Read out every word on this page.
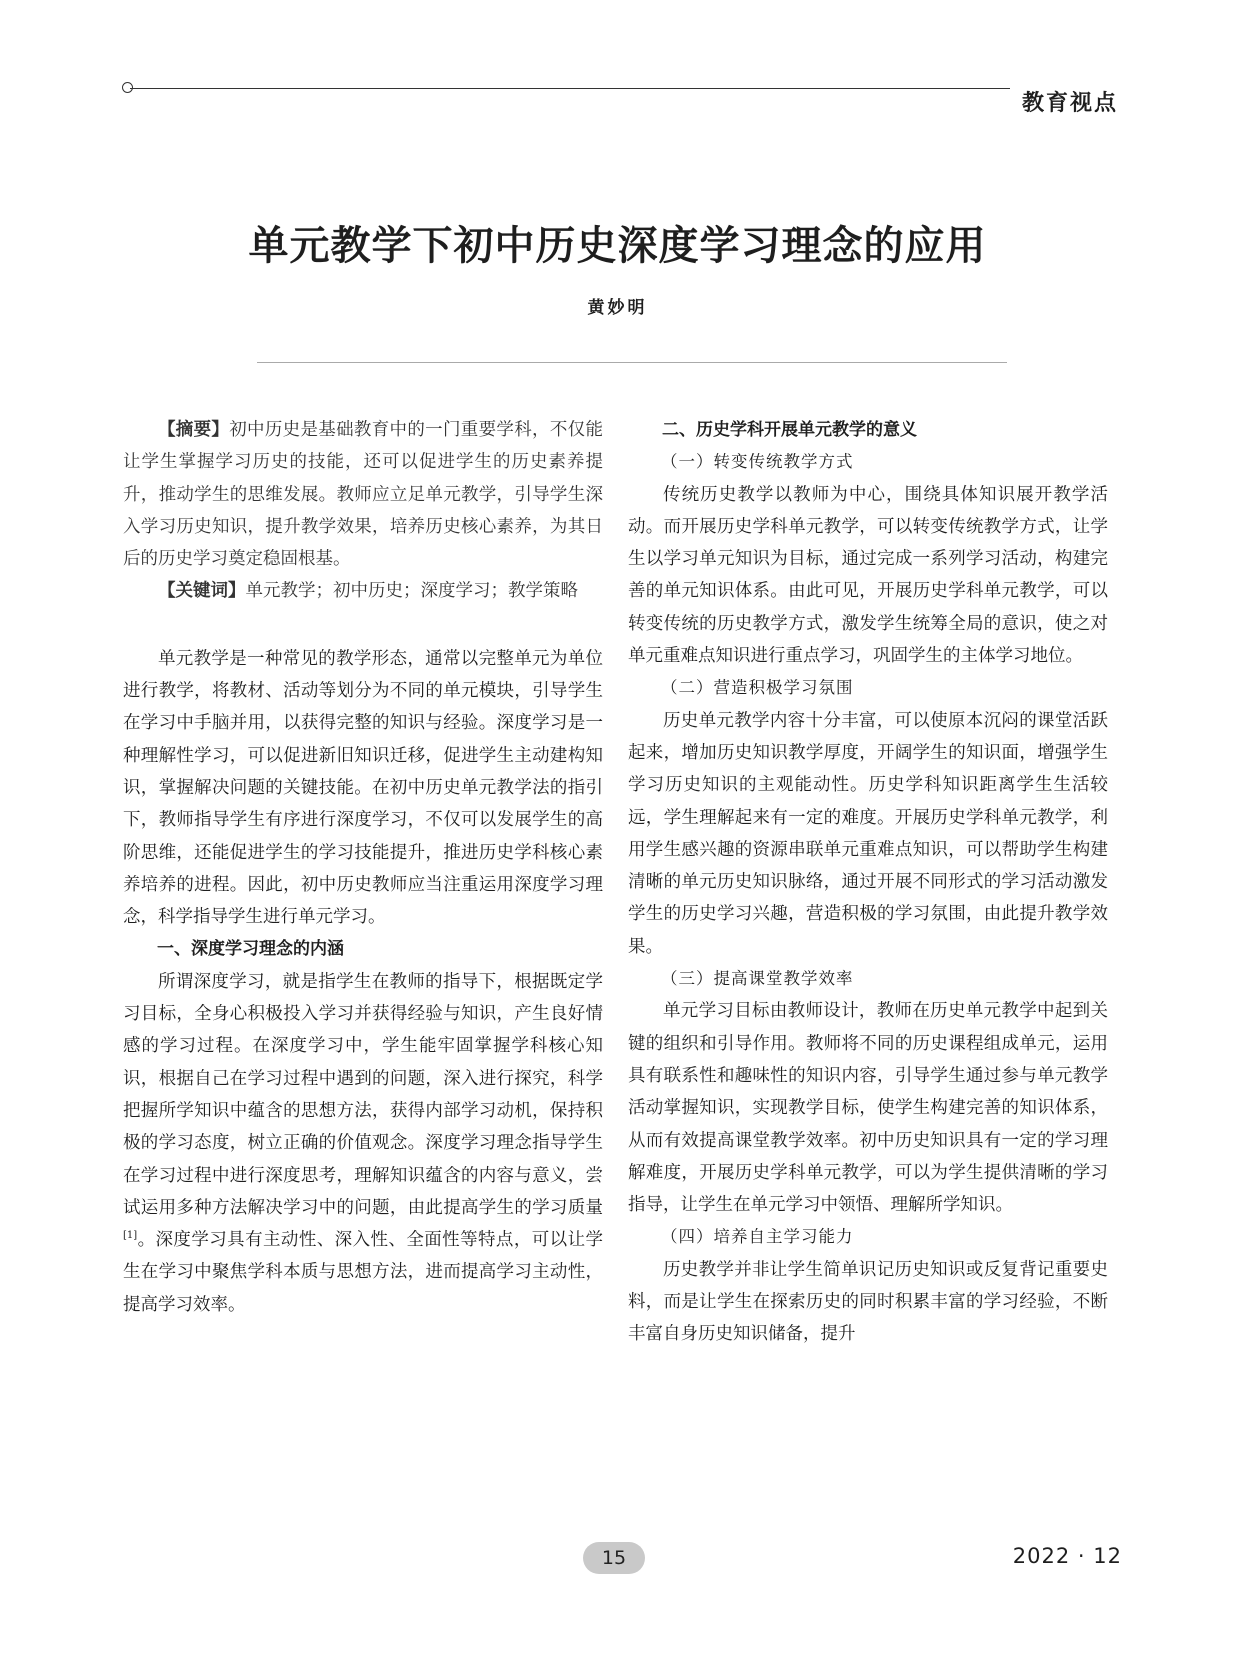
教育视点
单元教学下初中历史深度学习理念的应用
黄妙明

【摘要】初中历史是基础教育中的一门重要学科，不仅能让学生掌握学习历史的技能，还可以促进学生的历史素养提升，推动学生的思维发展。教师应立足单元教学，引导学生深入学习历史知识，提升教学效果，培养历史核心素养，为其日后的历史学习奠定稳固根基。

【关键词】单元教学；初中历史；深度学习；教学策略

单元教学是一种常见的教学形态，通常以完整单元为单位进行教学，将教材、活动等划分为不同的单元模块，引导学生在学习中手脑并用，以获得完整的知识与经验。深度学习是一种理解性学习，可以促进新旧知识迁移，促进学生主动建构知识，掌握解决问题的关键技能。在初中历史单元教学法的指引下，教师指导学生有序进行深度学习，不仅可以发展学生的高阶思维，还能促进学生的学习技能提升，推进历史学科核心素养培养的进程。因此，初中历史教师应当注重运用深度学习理念，科学指导学生进行单元学习。

一、深度学习理念的内涵

所谓深度学习，就是指学生在教师的指导下，根据既定学习目标，全身心积极投入学习并获得经验与知识，产生良好情感的学习过程。在深度学习中，学生能牢固掌握学科核心知识，根据自己在学习过程中遇到的问题，深入进行探究，科学把握所学知识中蕴含的思想方法，获得内部学习动机，保持积极的学习态度，树立正确的价值观念。深度学习理念指导学生在学习过程中进行深度思考，理解知识蕴含的内容与意义，尝试运用多种方法解决学习中的问题，由此提高学生的学习质量[1]。深度学习具有主动性、深入性、全面性等特点，可以让学生在学习中聚焦学科本质与思想方法，进而提高学习主动性，提高学习效率。

二、历史学科开展单元教学的意义

（一）转变传统教学方式

传统历史教学以教师为中心，围绕具体知识展开教学活动。而开展历史学科单元教学，可以转变传统教学方式，让学生以学习单元知识为目标，通过完成一系列学习活动，构建完善的单元知识体系。由此可见，开展历史学科单元教学，可以转变传统的历史教学方式，激发学生统筹全局的意识，使之对单元重难点知识进行重点学习，巩固学生的主体学习地位。

（二）营造积极学习氛围

历史单元教学内容十分丰富，可以使原本沉闷的课堂活跃起来，增加历史知识教学厚度，开阔学生的知识面，增强学生学习历史知识的主观能动性。历史学科知识距离学生生活较远，学生理解起来有一定的难度。开展历史学科单元教学，利用学生感兴趣的资源串联单元重难点知识，可以帮助学生构建清晰的单元历史知识脉络，通过开展不同形式的学习活动激发学生的历史学习兴趣，营造积极的学习氛围，由此提升教学效果。

（三）提高课堂教学效率

单元学习目标由教师设计，教师在历史单元教学中起到关键的组织和引导作用。教师将不同的历史课程组成单元，运用具有联系性和趣味性的知识内容，引导学生通过参与单元教学活动掌握知识，实现教学目标，使学生构建完善的知识体系，从而有效提高课堂教学效率。初中历史知识具有一定的学习理解难度，开展历史学科单元教学，可以为学生提供清晰的学习指导，让学生在单元学习中领悟、理解所学知识。

（四）培养自主学习能力

历史教学并非让学生简单识记历史知识或反复背记重要史料，而是让学生在探索历史的同时积累丰富的学习经验，不断丰富自身历史知识储备，提升

15	2022 · 12
